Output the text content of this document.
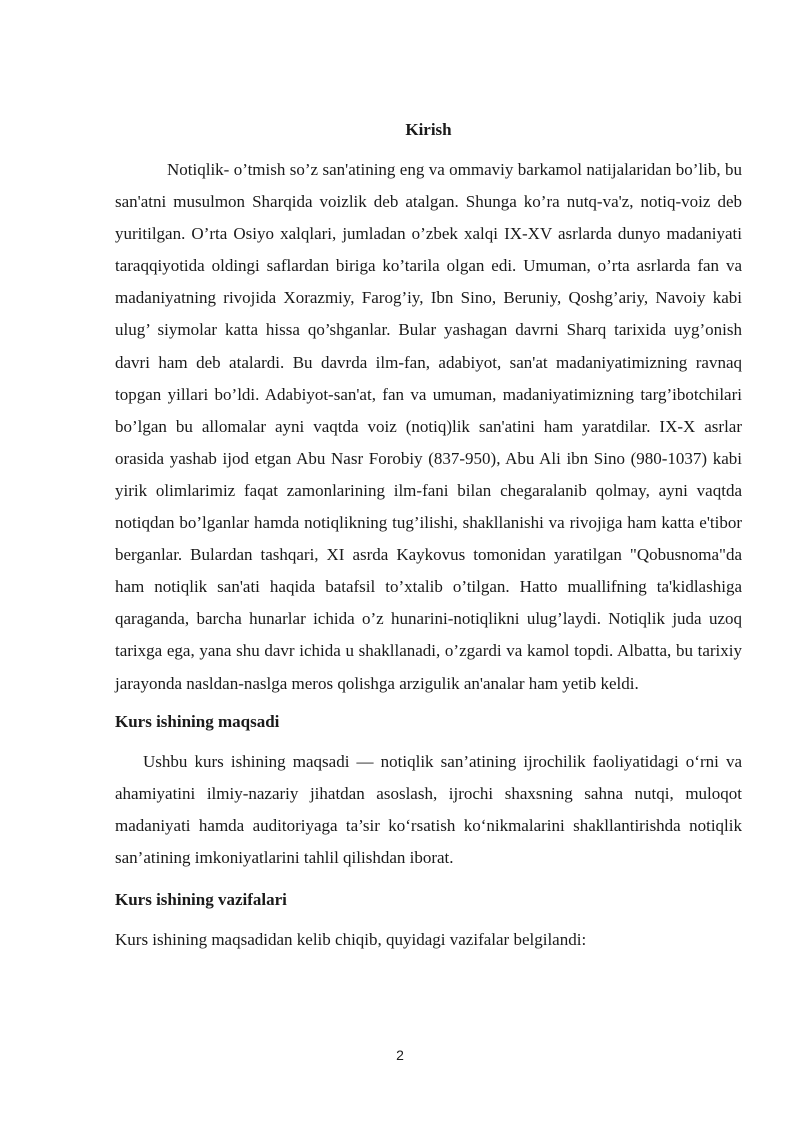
Kirish

Notiqlik- o’tmish so’z san'atining eng va ommaviy barkamol natijalaridan bo’lib, bu san'atni musulmon Sharqida voizlik deb atalgan. Shunga ko’ra nutq-va'z, notiq-voiz deb yuritilgan. O’rta Osiyo xalqlari, jumladan o’zbek xalqi IX-XV asrlarda dunyo madaniyati taraqqiyotida oldingi saflardan biriga ko’tarila olgan edi. Umuman, o’rta asrlarda fan va madaniyatning rivojida Xorazmiy, Farog’iy, Ibn Sino, Beruniy, Qoshg’ariy, Navoiy kabi ulug’ siymolar katta hissa qo’shganlar. Bular yashagan davrni Sharq tarixida uyg’onish davri ham deb atalardi. Bu davrda ilm-fan, adabiyot, san'at madaniyatimizning ravnaq topgan yillari bo’ldi. Adabiyot-san'at, fan va umuman, madaniyatimizning targ’ibotchilari bo’lgan bu allomalar ayni vaqtda voiz (notiq)lik san'atini ham yaratdilar. IX-X asrlar orasida yashab ijod etgan Abu Nasr Forobiy (837-950), Abu Ali ibn Sino (980-1037) kabi yirik olimlarimiz faqat zamonlarining ilm-fani bilan chegaralanib qolmay, ayni vaqtda notiqdan bo’lganlar hamda notiqlikning tug’ilishi, shakllanishi va rivojiga ham katta e'tibor berganlar. Bulardan tashqari, XI asrda Kaykovus tomonidan yaratilgan "Qobusnoma"da ham notiqlik san'ati haqida batafsil to’xtalib o’tilgan. Hatto muallifning ta'kidlashiga qaraganda, barcha hunarlar ichida o’z hunarini-notiqlikni ulug’laydi. Notiqlik juda uzoq tarixga ega, yana shu davr ichida u shakllanadi, o’zgardi va kamol topdi. Albatta, bu tarixiy jarayonda nasldan-naslga meros qolishga arzigulik an'analar ham yetib keldi.

Kurs ishining maqsadi

Ushbu kurs ishining maqsadi — notiqlik san’atining ijrochilik faoliyatidagi o‘rni va ahamiyatini ilmiy-nazariy jihatdan asoslash, ijrochi shaxsning sahna nutqi, muloqot madaniyati hamda auditoriyaga ta’sir ko‘rsatish ko‘nikmalarini shakllantirishda notiqlik san’atining imkoniyatlarini tahlil qilishdan iborat.

Kurs ishining vazifalari

Kurs ishining maqsadidan kelib chiqib, quyidagi vazifalar belgilandi:

2
